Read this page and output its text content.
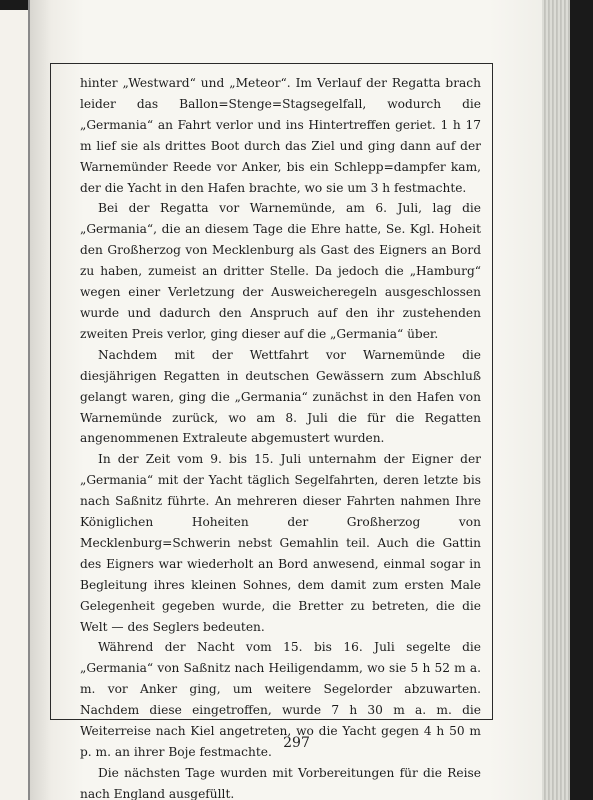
hinter „Westward“ und „Meteor“. Im Verlauf der Regatta brach leider das Ballon=Stenge=Stagsegelfall, wodurch die „Germania“ an Fahrt verlor und ins Hintertreffen geriet. 1 h 17 m lief sie als drittes Boot durch das Ziel und ging dann auf der Warnemünder Reede vor Anker, bis ein Schlepp=dampfer kam, der die Yacht in den Hafen brachte, wo sie um 3 h festmachte.

Bei der Regatta vor Warnemünde, am 6. Juli, lag die „Germania“, die an diesem Tage die Ehre hatte, Se. Kgl. Hoheit den Großherzog von Mecklenburg als Gast des Eigners an Bord zu haben, zumeist an dritter Stelle. Da jedoch die „Hamburg“ wegen einer Verletzung der Ausweicheregeln ausgeschlossen wurde und dadurch den Anspruch auf den ihr zustehenden zweiten Preis verlor, ging dieser auf die „Germania“ über.

Nachdem mit der Wettfahrt vor Warnemünde die diesjährigen Regatten in deutschen Gewässern zum Abschluß gelangt waren, ging die „Germania“ zunächst in den Hafen von Warnemünde zurück, wo am 8. Juli die für die Regatten angenommenen Extraleute abgemustert wurden.

In der Zeit vom 9. bis 15. Juli unternahm der Eigner der „Germania“ mit der Yacht täglich Segelfahrten, deren letzte bis nach Saßnitz führte. An mehreren dieser Fahrten nahmen Ihre Königlichen Hoheiten der Großherzog von Mecklenburg=Schwerin nebst Gemahlin teil. Auch die Gattin des Eigners war wiederholt an Bord anwesend, einmal sogar in Begleitung ihres kleinen Sohnes, dem damit zum ersten Male Gelegenheit gegeben wurde, die Bretter zu betreten, die die Welt — des Seglers bedeuten.

Während der Nacht vom 15. bis 16. Juli segelte die „Germania“ von Saßnitz nach Heiligendamm, wo sie 5 h 52 m a. m. vor Anker ging, um weitere Segelorder abzuwarten. Nachdem diese eingetroffen, wurde 7 h 30 m a. m. die Weiterreise nach Kiel angetreten, wo die Yacht gegen 4 h 50 m p. m. an ihrer Boje festmachte.

Die nächsten Tage wurden mit Vorbereitungen für die Reise nach England ausgefüllt.

297
